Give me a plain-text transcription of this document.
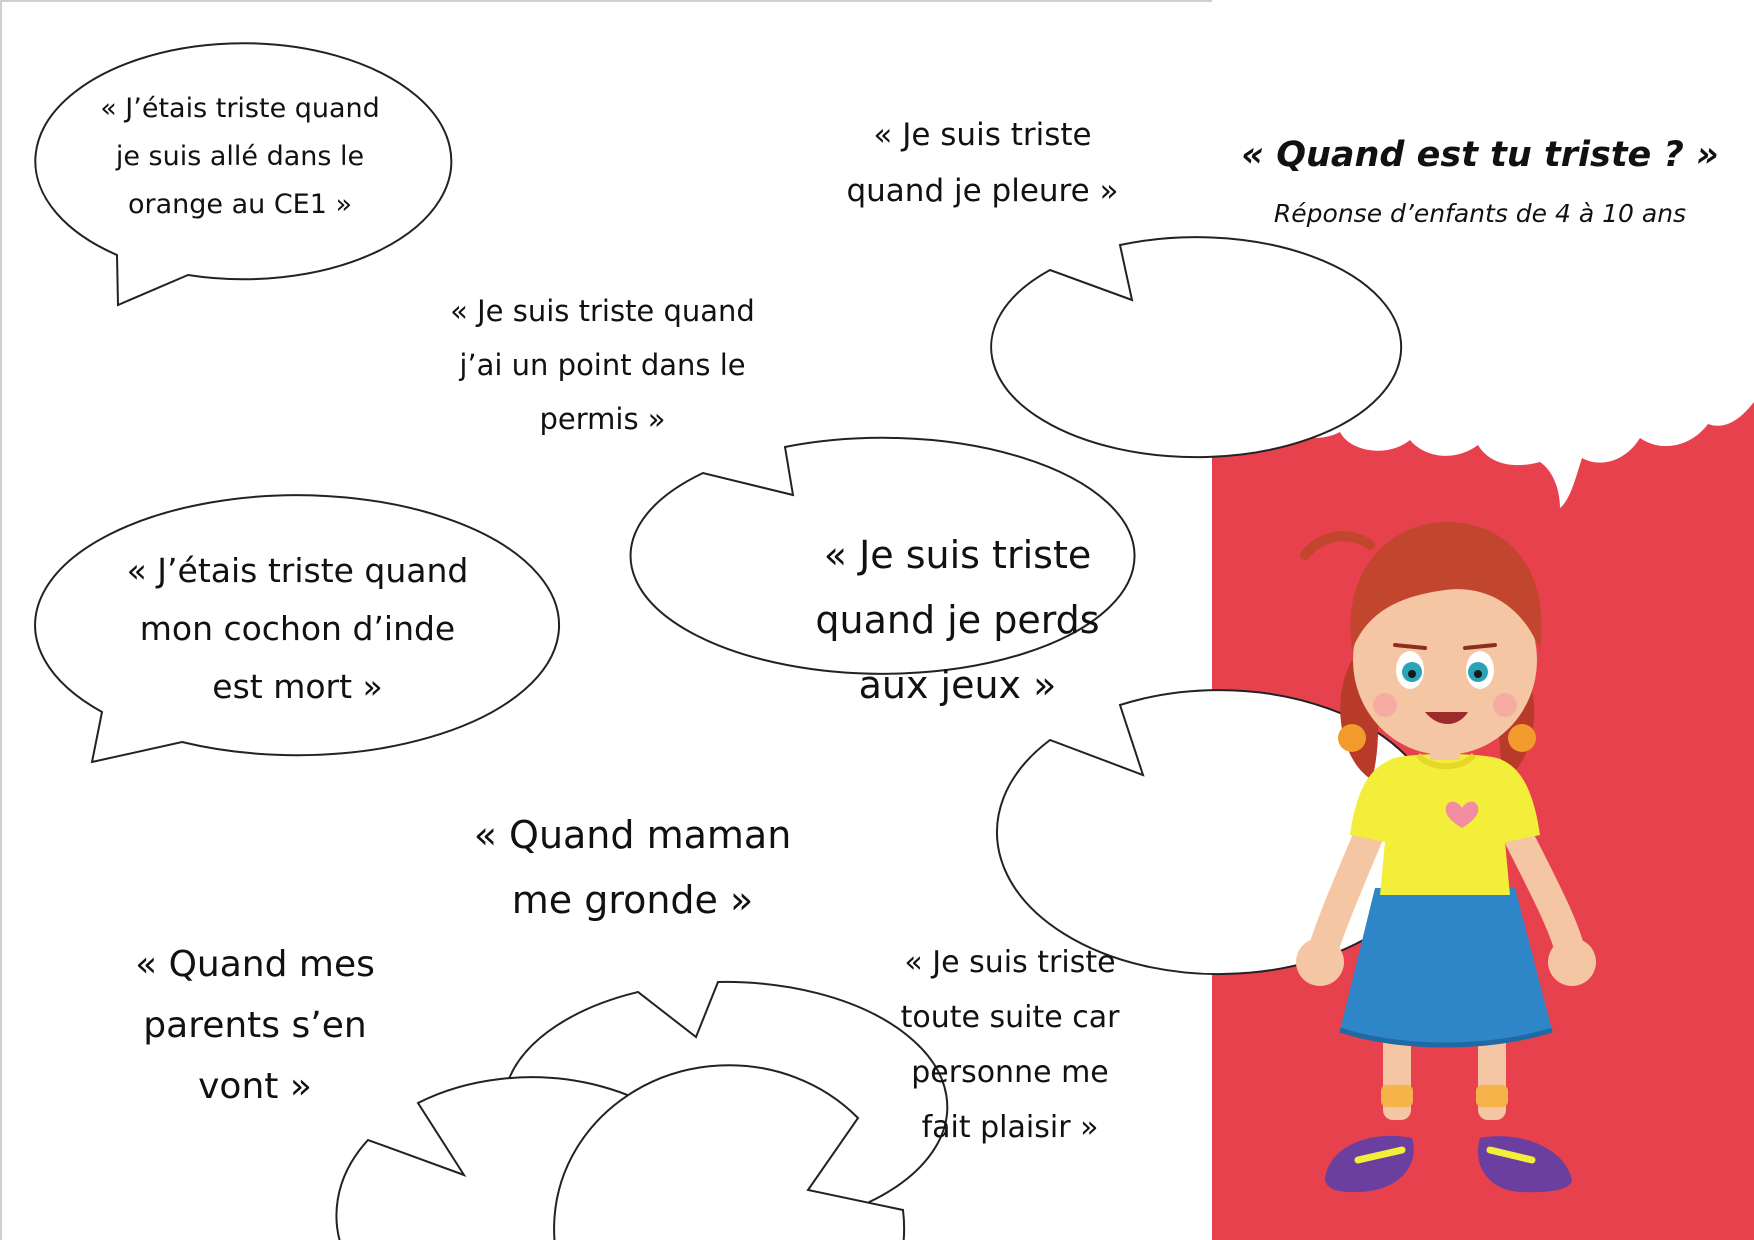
« J’étais triste quand
je suis allé dans le
orange au CE1 »
« Je suis triste
quand je pleure »
« Je suis triste quand
j’ai un point dans le
permis »
« J’étais triste quand
mon cochon d’inde
est mort »
« Je suis triste
quand je perds
aux jeux »
« Quand maman
me gronde »
« Quand mes
parents s’en
vont »
« Je suis triste
toute suite car
personne me
fait plaisir »
« Quand est tu triste ? »
Réponse d’enfants de 4 à 10 ans
